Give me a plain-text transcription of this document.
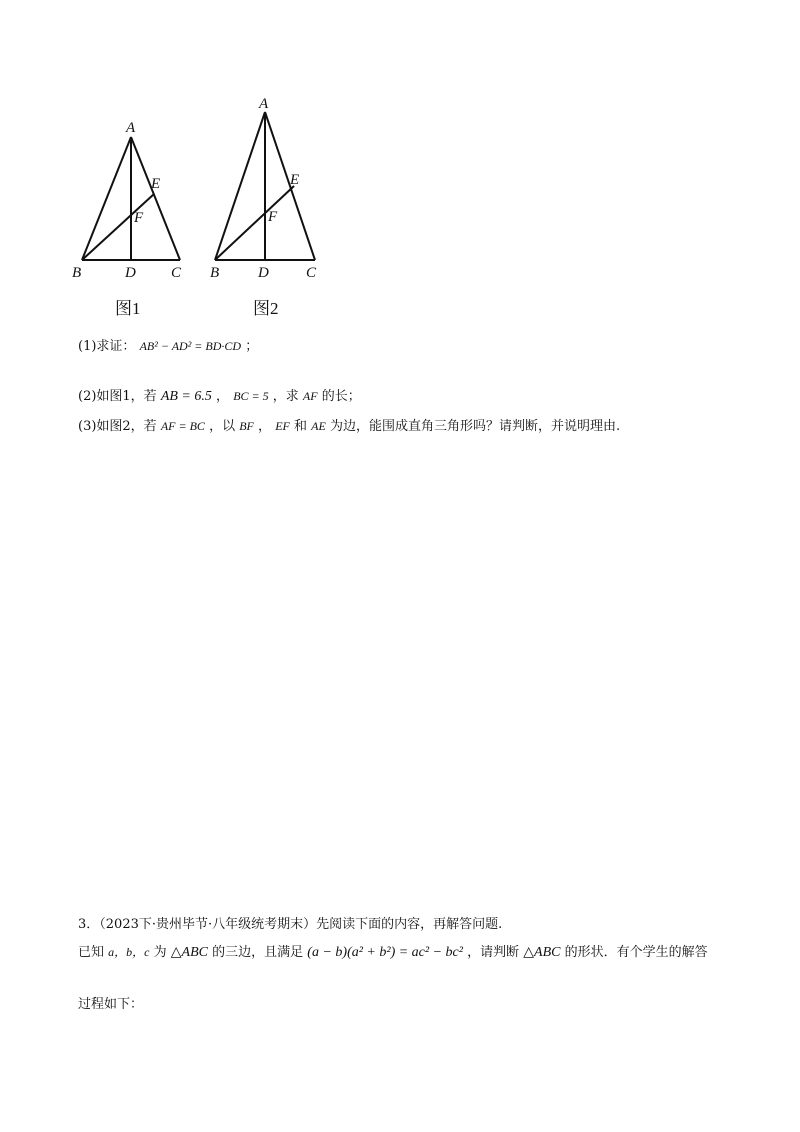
A
B	C
D
E
F
图1
A
B	C
D
E
F
图2
(1)求证： AB² − AD² = BD·CD ；
(2)如图1，若 AB = 6.5 ， BC = 5 ，求 AF 的长；
(3)如图2，若 AF = BC ，以 BF ， EF 和 AE 为边，能围成直角三角形吗？请判断，并说明理由.
3．（2023下·贵州毕节·八年级统考期末）先阅读下面的内容，再解答问题.
已知 a，b，c 为 △ABC 的三边，且满足 (a − b)(a² + b²) = ac² − bc² ，请判断 △ABC 的形状．有个学生的解答
过程如下：
